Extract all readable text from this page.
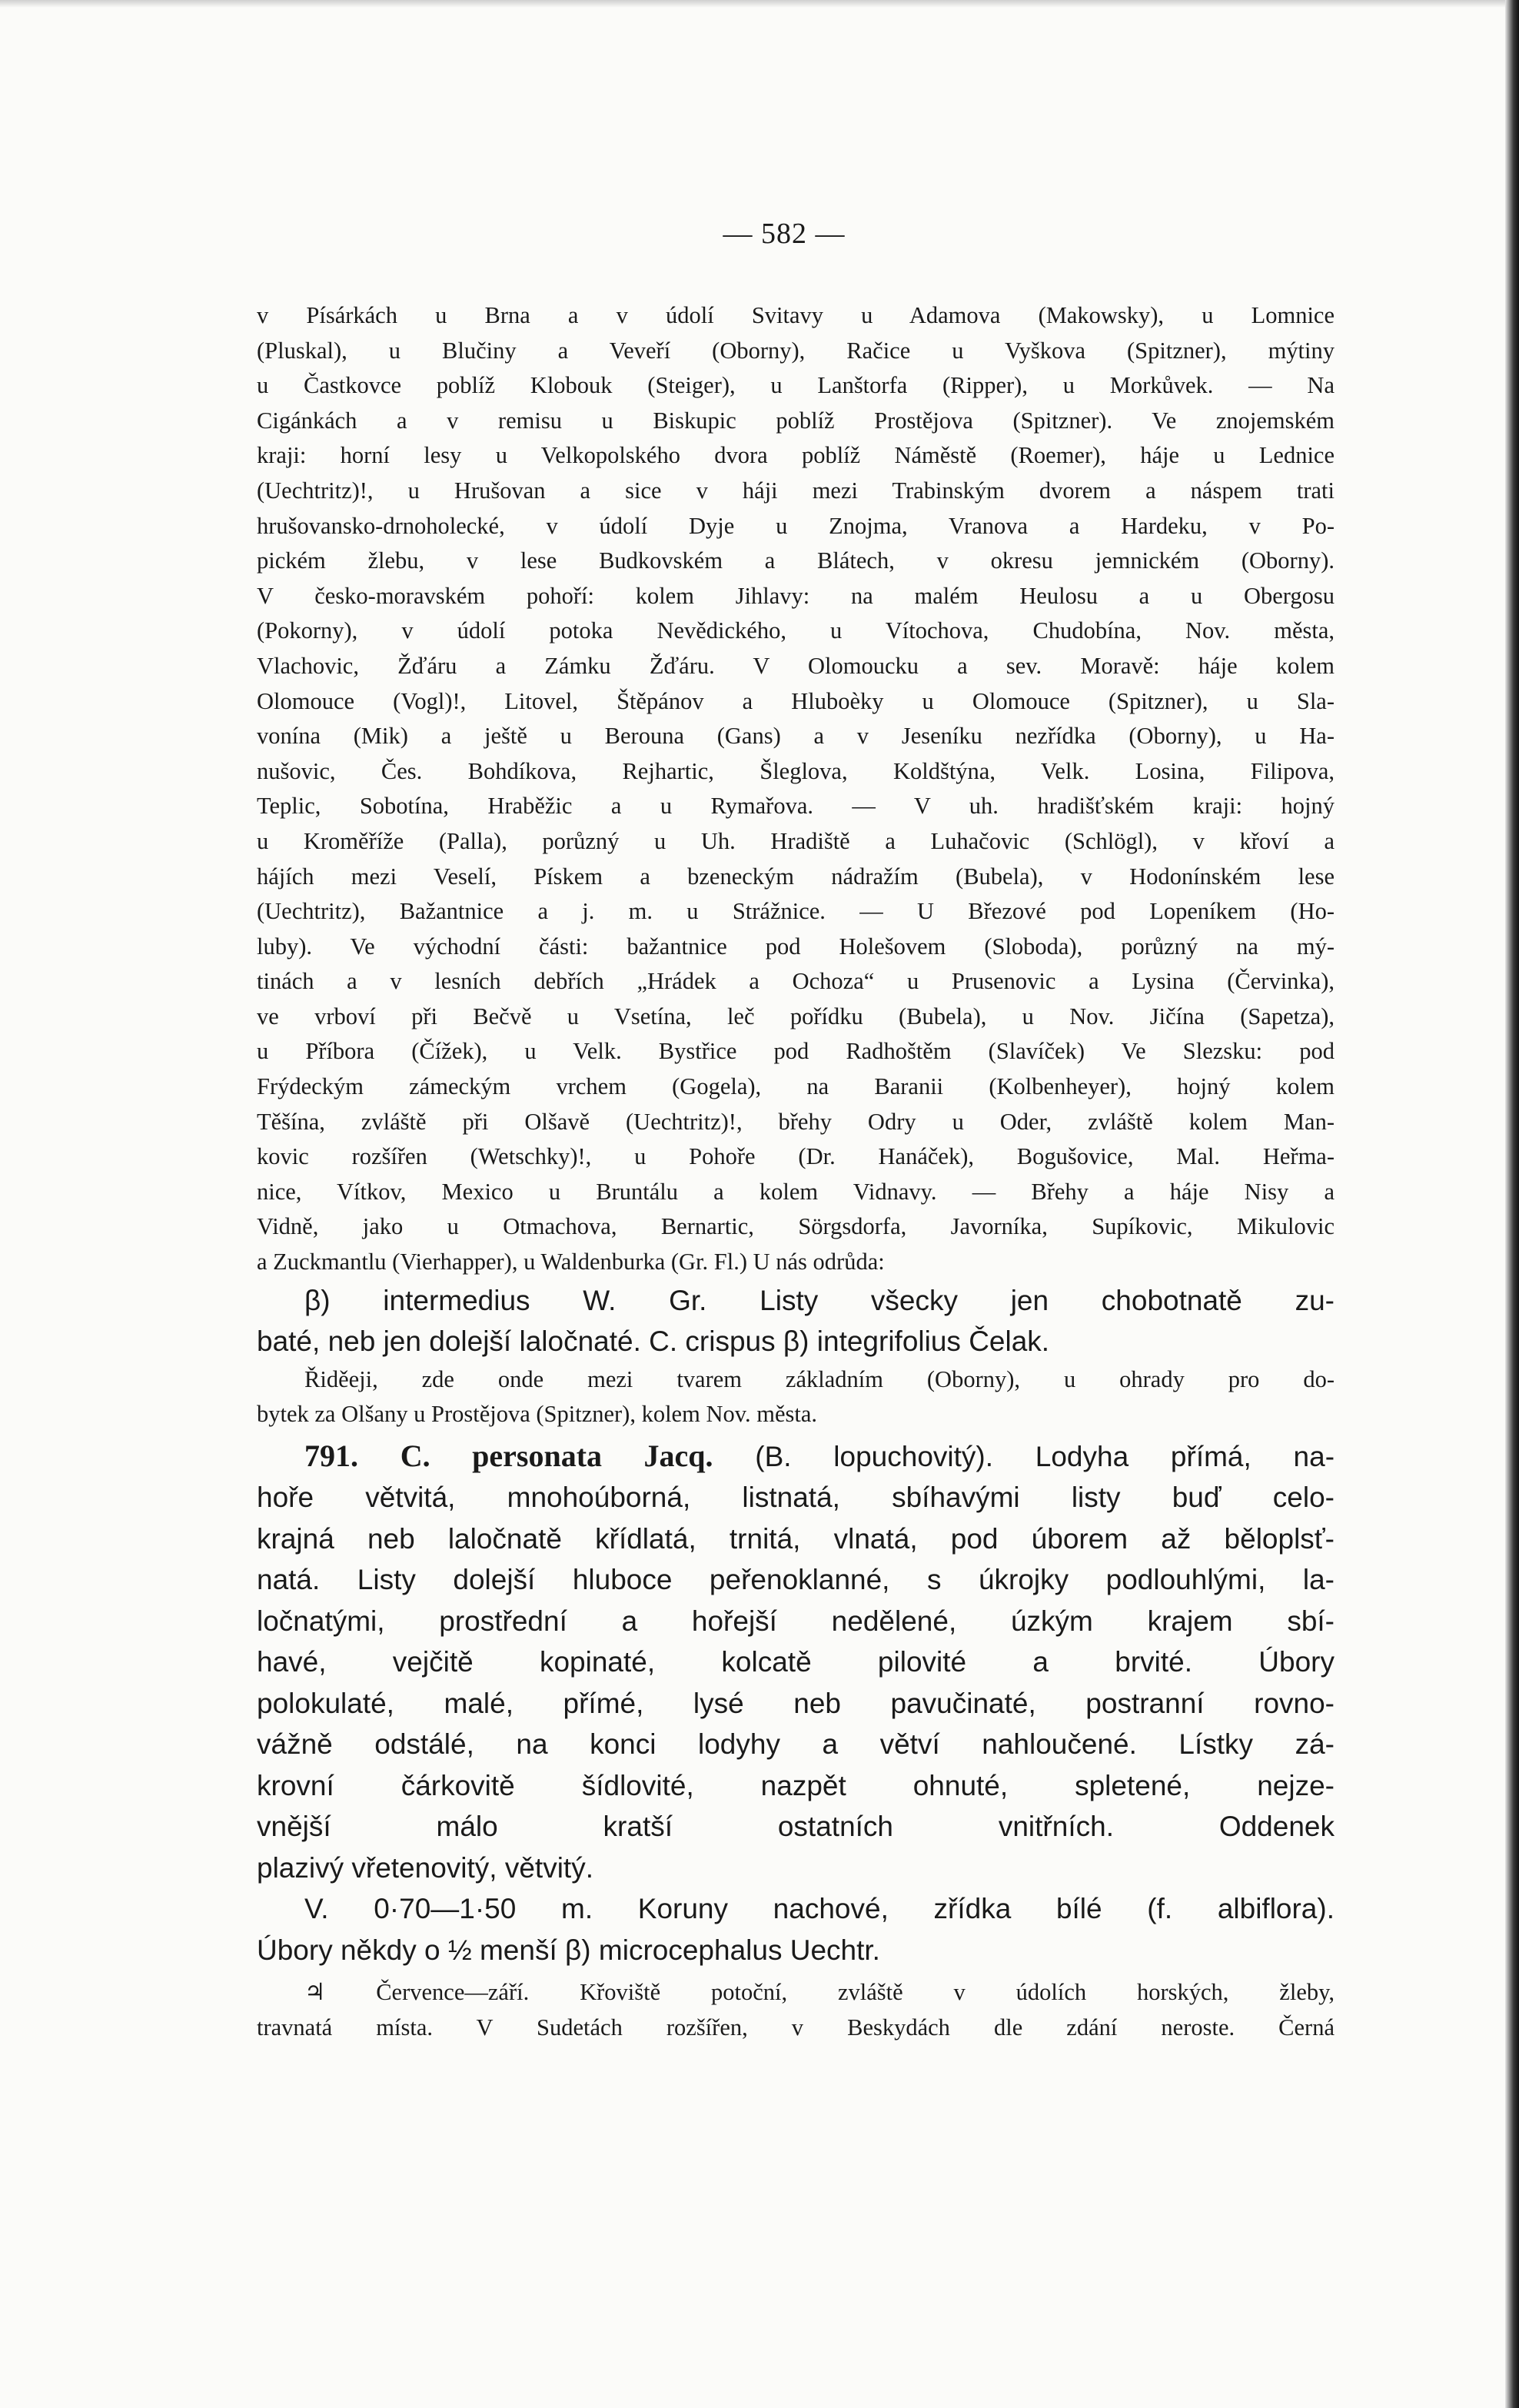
— 582 —
v Písárkách u Brna a v údolí Svitavy u Adamova (Makowsky), u Lomnice
(Pluskal), u Blučiny a Veveří (Oborny), Račice u Vyškova (Spitzner), mýtiny
u Častkovce poblíž Klobouk (Steiger), u Lanštorfa (Ripper), u Morkůvek. — Na
Cigánkách a v remisu u Biskupic poblíž Prostějova (Spitzner). Ve znojemském
kraji: horní lesy u Velkopolského dvora poblíž Náměstě (Roemer), háje u Lednice
(Uechtritz)!, u Hrušovan a sice v háji mezi Trabinským dvorem a náspem trati
hrušovansko-drnoholecké, v údolí Dyje u Znojma, Vranova a Hardeku, v Po-
pickém žlebu, v lese Budkovském a Blátech, v okresu jemnickém (Oborny).
V česko-moravském pohoří: kolem Jihlavy: na malém Heulosu a u Obergosu
(Pokorny), v údolí potoka Nevědického, u Vítochova, Chudobína, Nov. města,
Vlachovic, Žďáru a Zámku Žďáru. V Olomoucku a sev. Moravě: háje kolem
Olomouce (Vogl)!, Litovel, Štěpánov a Hluboèky u Olomouce (Spitzner), u Sla-
vonína (Mik) a ještě u Berouna (Gans) a v Jeseníku nezřídka (Oborny), u Ha-
nušovic, Čes. Bohdíkova, Rejhartic, Šleglova, Koldštýna, Velk. Losina, Filipova,
Teplic, Sobotína, Hraběžic a u Rymařova. — V uh. hradišťském kraji: hojný
u Kroměříže (Palla), porůzný u Uh. Hradiště a Luhačovic (Schlögl), v křoví a
hájích mezi Veselí, Pískem a bzeneckým nádražím (Bubela), v Hodonínském lese
(Uechtritz), Bažantnice a j. m. u Strážnice. — U Březové pod Lopeníkem (Ho-
luby). Ve východní části: bažantnice pod Holešovem (Sloboda), porůzný na mý-
tinách a v lesních debřích „Hrádek a Ochoza“ u Prusenovic a Lysina (Červinka),
ve vrboví při Bečvě u Vsetína, leč pořídku (Bubela), u Nov. Jičína (Sapetza),
u Příbora (Čížek), u Velk. Bystřice pod Radhoštěm (Slavíček) Ve Slezsku: pod
Frýdeckým zámeckým vrchem (Gogela), na Baranii (Kolbenheyer), hojný kolem
Těšína, zvláště při Olšavě (Uechtritz)!, břehy Odry u Oder, zvláště kolem Man-
kovic rozšířen (Wetschky)!, u Pohoře (Dr. Hanáček), Bogušovice, Mal. Heřma-
nice, Vítkov, Mexico u Bruntálu a kolem Vidnavy. — Břehy a háje Nisy a
Vidně, jako u Otmachova, Bernartic, Sörgsdorfa, Javorníka, Supíkovic, Mikulovic
a Zuckmantlu (Vierhapper), u Waldenburka (Gr. Fl.) U nás odrůda:
β) intermedius W. Gr. Listy všecky jen chobotnatě zu-
baté, neb jen dolejší laločnaté. C. crispus β) integrifolius Čelak.
Řiděeji, zde onde mezi tvarem základním (Oborny), u ohrady pro do-
bytek za Olšany u Prostějova (Spitzner), kolem Nov. města.
791. C. personata Jacq. (B. lopuchovitý). Lodyha přímá, na-
hoře větvitá, mnohoúborná, listnatá, sbíhavými listy buď celo-
krajná neb laločnatě křídlatá, trnitá, vlnatá, pod úborem až běloplsť-
natá. Listy dolejší hluboce peřenoklanné, s úkrojky podlouhlými, la-
ločnatými, prostřední a hořejší nedělené, úzkým krajem sbí-
havé, vejčitě kopinaté, kolcatě pilovité a brvité. Úbory
polokulaté, malé, přímé, lysé neb pavučinaté, postranní rovno-
vážně odstálé, na konci lodyhy a větví nahloučené. Lístky zá-
krovní čárkovitě šídlovité, nazpět ohnuté, spletené, nejze-
vnější málo kratší ostatních vnitřních. Oddenek
plazivý vřetenovitý, větvitý.
V. 0·70—1·50 m. Koruny nachové, zřídka bílé (f. albiflora).
Úbory někdy o ½ menší β) microcephalus Uechtr.
♃ Července—září. Křoviště potoční, zvláště v údolích horských, žleby,
travnatá místa. V Sudetách rozšířen, v Beskydách dle zdání neroste. Černá
